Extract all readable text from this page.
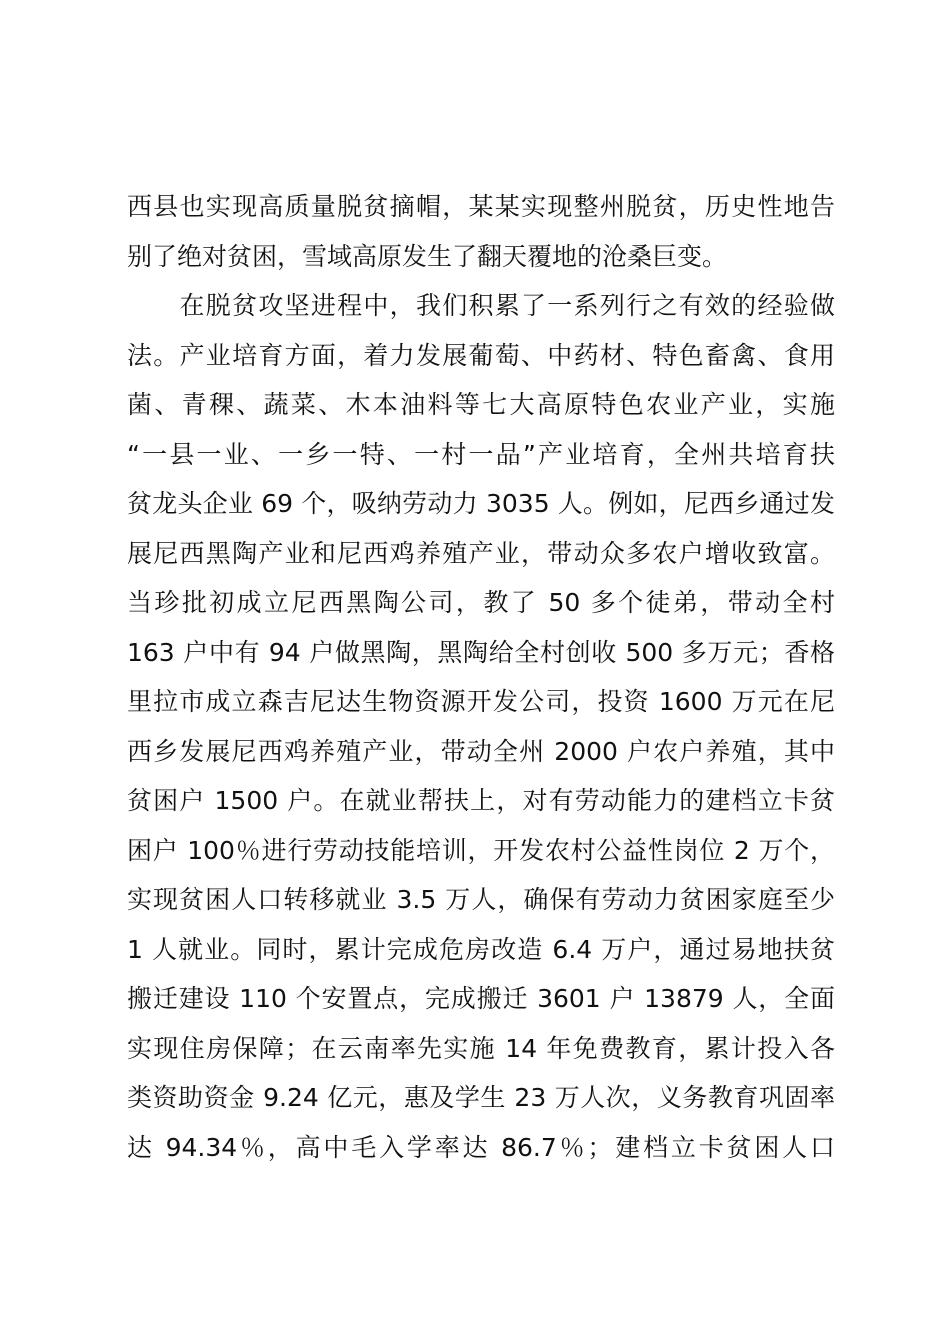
西县也实现高质量脱贫摘帽，某某实现整州脱贫，历史性地告
别了绝对贫困，雪域高原发生了翻天覆地的沧桑巨变。
　　在脱贫攻坚进程中，我们积累了一系列行之有效的经验做
法。产业培育方面，着力发展葡萄、中药材、特色畜禽、食用
菌、青稞、蔬菜、木本油料等七大高原特色农业产业，实施
“一县一业、一乡一特、一村一品”产业培育，全州共培育扶
贫龙头企业 69 个，吸纳劳动力 3035 人。例如，尼西乡通过发
展尼西黑陶产业和尼西鸡养殖产业，带动众多农户增收致富。
当珍批初成立尼西黑陶公司，教了 50 多个徒弟，带动全村
163 户中有 94 户做黑陶，黑陶给全村创收 500 多万元；香格
里拉市成立森吉尼达生物资源开发公司，投资 1600 万元在尼
西乡发展尼西鸡养殖产业，带动全州 2000 户农户养殖，其中
贫困户 1500 户。在就业帮扶上，对有劳动能力的建档立卡贫
困户 100％进行劳动技能培训，开发农村公益性岗位 2 万个，
实现贫困人口转移就业 3.5 万人，确保有劳动力贫困家庭至少
1 人就业。同时，累计完成危房改造 6.4 万户，通过易地扶贫
搬迁建设 110 个安置点，完成搬迁 3601 户 13879 人，全面
实现住房保障；在云南率先实施 14 年免费教育，累计投入各
类资助资金 9.24 亿元，惠及学生 23 万人次，义务教育巩固率
达 94.34％，高中毛入学率达 86.7％；建档立卡贫困人口
